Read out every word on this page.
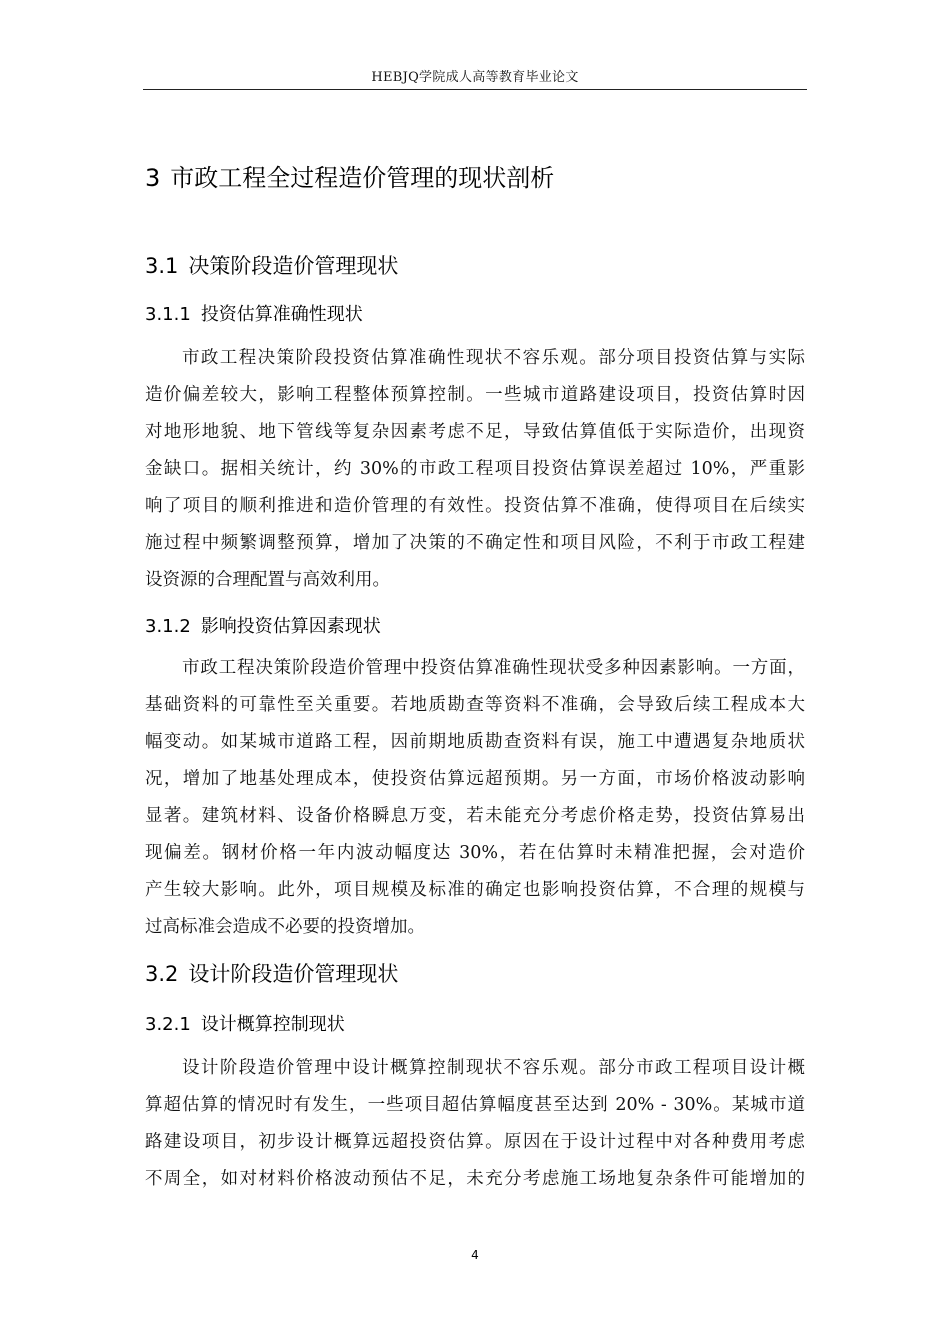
HEBJQ学院成人高等教育毕业论文
3 市政工程全过程造价管理的现状剖析
3.1 决策阶段造价管理现状
3.1.1 投资估算准确性现状
市政工程决策阶段投资估算准确性现状不容乐观。部分项目投资估算与实际
造价偏差较大，影响工程整体预算控制。一些城市道路建设项目，投资估算时因
对地形地貌、地下管线等复杂因素考虑不足，导致估算值低于实际造价，出现资
金缺口。据相关统计，约 30%的市政工程项目投资估算误差超过 10%，严重影
响了项目的顺利推进和造价管理的有效性。投资估算不准确，使得项目在后续实
施过程中频繁调整预算，增加了决策的不确定性和项目风险，不利于市政工程建
设资源的合理配置与高效利用。
3.1.2 影响投资估算因素现状
市政工程决策阶段造价管理中投资估算准确性现状受多种因素影响。一方面，
基础资料的可靠性至关重要。若地质勘查等资料不准确，会导致后续工程成本大
幅变动。如某城市道路工程，因前期地质勘查资料有误，施工中遭遇复杂地质状
况，增加了地基处理成本，使投资估算远超预期。另一方面，市场价格波动影响
显著。建筑材料、设备价格瞬息万变，若未能充分考虑价格走势，投资估算易出
现偏差。钢材价格一年内波动幅度达 30%，若在估算时未精准把握，会对造价
产生较大影响。此外，项目规模及标准的确定也影响投资估算，不合理的规模与
过高标准会造成不必要的投资增加。
3.2 设计阶段造价管理现状
3.2.1 设计概算控制现状
设计阶段造价管理中设计概算控制现状不容乐观。部分市政工程项目设计概
算超估算的情况时有发生，一些项目超估算幅度甚至达到 20% - 30%。某城市道
路建设项目，初步设计概算远超投资估算。原因在于设计过程中对各种费用考虑
不周全，如对材料价格波动预估不足，未充分考虑施工场地复杂条件可能增加的
4
